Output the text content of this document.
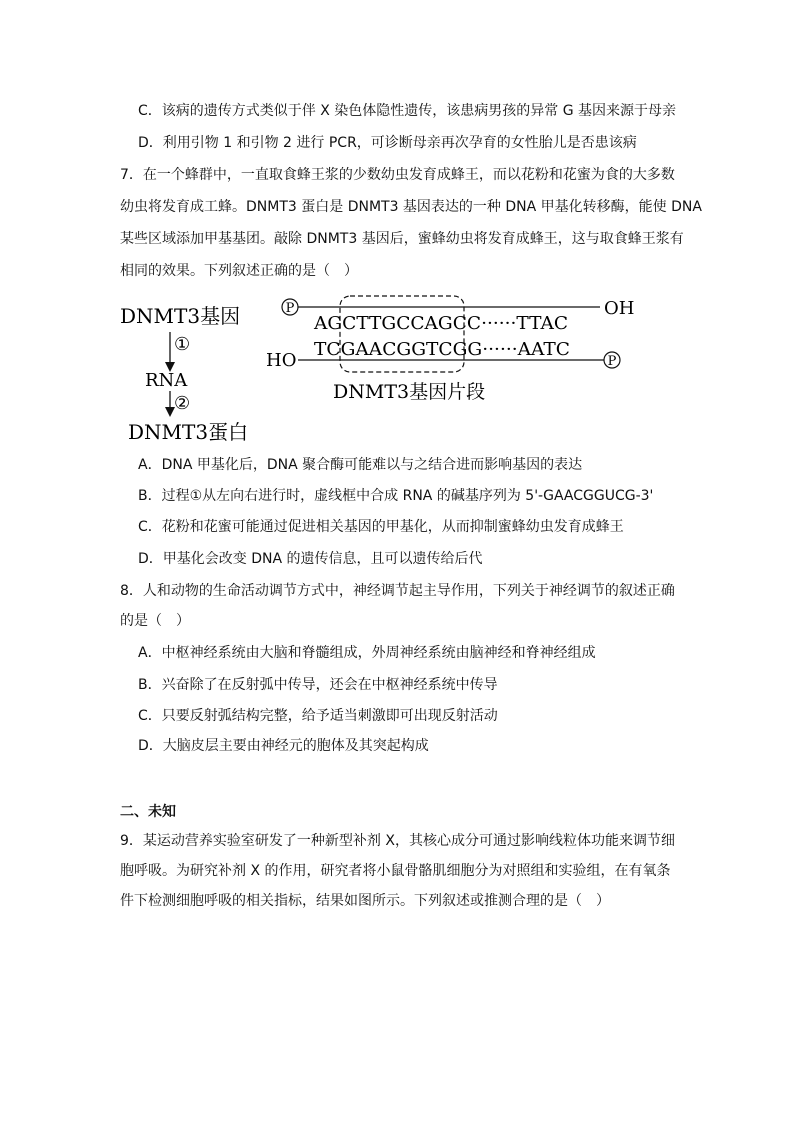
C．该病的遗传方式类似于伴 X 染色体隐性遗传，该患病男孩的异常 G 基因来源于母亲
D．利用引物 1 和引物 2 进行 PCR，可诊断母亲再次孕育的女性胎儿是否患该病
7．在一个蜂群中，一直取食蜂王浆的少数幼虫发育成蜂王，而以花粉和花蜜为食的大多数
幼虫将发育成工蜂。DNMT3 蛋白是 DNMT3 基因表达的一种 DNA 甲基化转移酶，能使 DNA
某些区域添加甲基基团。敲除 DNMT3 基因后，蜜蜂幼虫将发育成蜂王，这与取食蜂王浆有
相同的效果。下列叙述正确的是（　）
DNMT3基因
①
RNA
②
DNMT3蛋白
P	OH
AGCTTGCCAGCC······TTAC
TCGAACGGTCGG······AATC
HO	P
DNMT3基因片段
A．DNA 甲基化后，DNA 聚合酶可能难以与之结合进而影响基因的表达
B．过程①从左向右进行时，虚线框中合成 RNA 的碱基序列为 5'-GAACGGUCG-3'
C．花粉和花蜜可能通过促进相关基因的甲基化，从而抑制蜜蜂幼虫发育成蜂王
D．甲基化会改变 DNA 的遗传信息，且可以遗传给后代
8．人和动物的生命活动调节方式中，神经调节起主导作用，下列关于神经调节的叙述正确
的是（　）
A．中枢神经系统由大脑和脊髓组成，外周神经系统由脑神经和脊神经组成
B．兴奋除了在反射弧中传导，还会在中枢神经系统中传导
C．只要反射弧结构完整，给予适当刺激即可出现反射活动
D．大脑皮层主要由神经元的胞体及其突起构成
二、未知
9．某运动营养实验室研发了一种新型补剂 X，其核心成分可通过影响线粒体功能来调节细
胞呼吸。为研究补剂 X 的作用，研究者将小鼠骨骼肌细胞分为对照组和实验组，在有氧条
件下检测细胞呼吸的相关指标，结果如图所示。下列叙述或推测合理的是（　）
